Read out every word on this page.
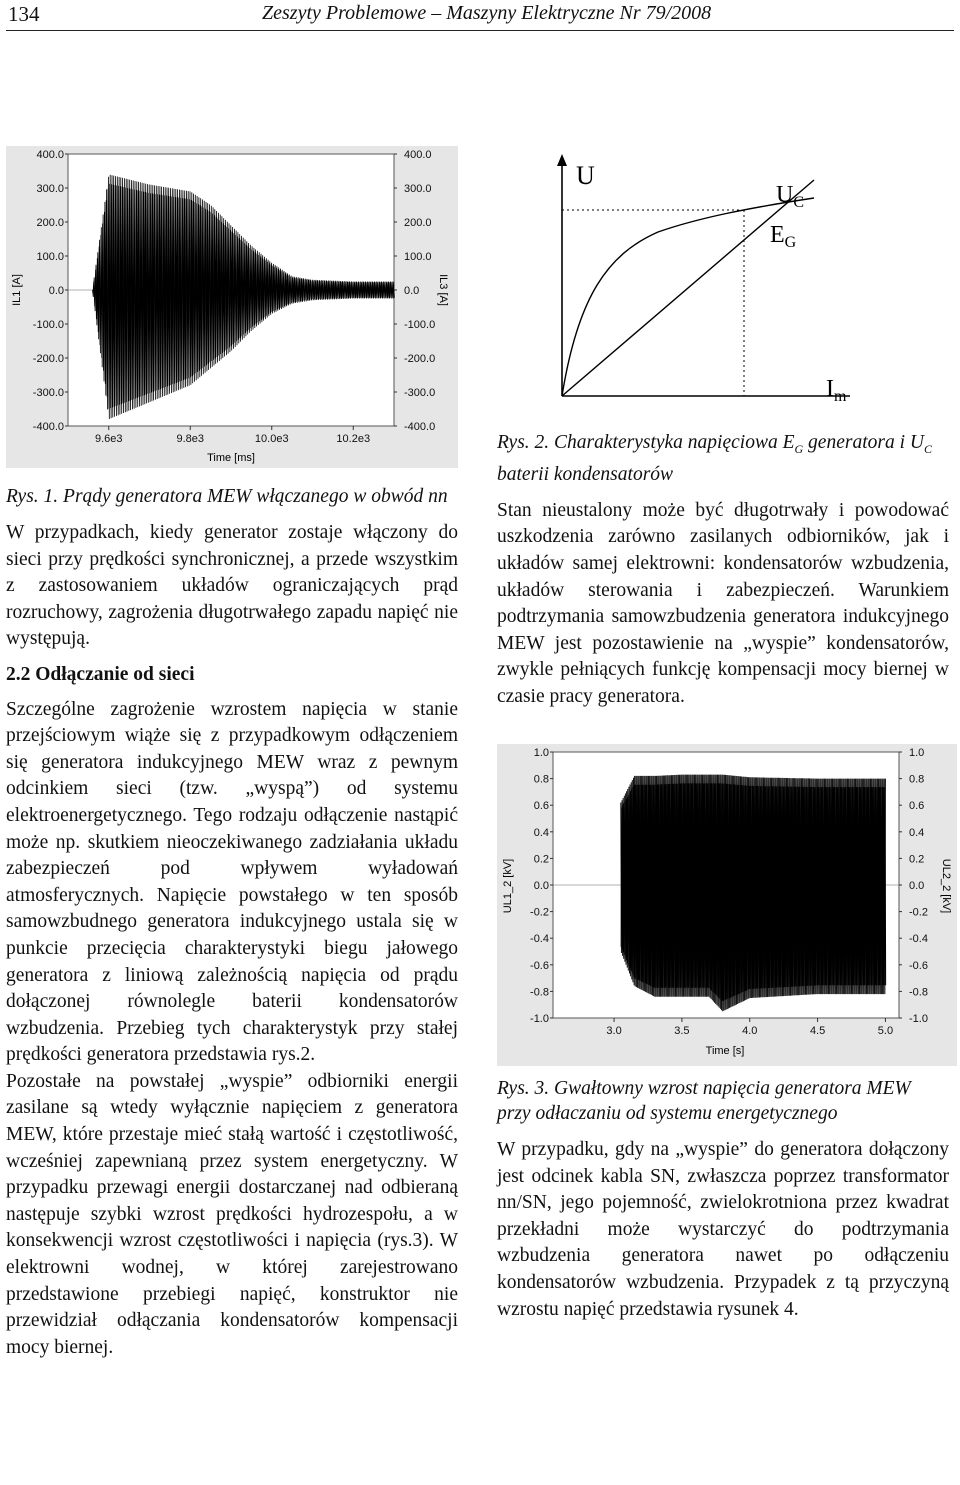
134	Zeszyty Problemowe – Maszyny Elektryczne Nr 79/2008
400.0	400.0
300.0	300.0
200.0	200.0
100.0	100.0
0.0	0.0
-100.0	-100.0
-200.0	-200.0
-300.0	-300.0
-400.0	-400.0
9.6e3	9.8e3	10.0e3	10.2e3
Time [ms]
IL1 [A]	IL3 [A]
U
$U_C$
$E_G$
$I_m$
1.0	1.0
0.8	0.8
0.6	0.6
0.4	0.4
0.2	0.2
0.0	0.0
-0.2	-0.2
-0.4	-0.4
-0.6	-0.6
-0.8	-0.8
-1.0	-1.0
3.0	3.5	4.0	4.5	5.0
Time [s]
UL1_2 [kV]	UL2_2 [kV]

Rys. 1. Prądy generatora MEW włączanego w obwód nn

W przypadkach, kiedy generator zostaje włączony do sieci przy prędkości synchronicznej, a przede wszystkim z zastosowaniem układów ograniczających prąd rozruchowy, zagrożenia długotrwałego zapadu napięć nie występują.

2.2 Odłączanie od sieci

Szczególne zagrożenie wzrostem napięcia w stanie przejściowym wiąże się z przypadkowym odłączeniem się generatora indukcyjnego MEW wraz z pewnym odcinkiem sieci (tzw. „wyspą”) od systemu elektroenergetycznego. Tego rodzaju odłączenie nastąpić może np. skutkiem nieoczekiwanego zadziałania układu zabezpieczeń pod wpływem wyładowań atmosferycznych. Napięcie powstałego w ten sposób samowzbudnego generatora indukcyjnego ustala się w punkcie przecięcia charakterystyki biegu jałowego generatora z liniową zależnością napięcia od prądu dołączonej równolegle baterii kondensatorów wzbudzenia. Przebieg tych charakterystyk przy stałej prędkości generatora przedstawia rys.2.

Pozostałe na powstałej „wyspie” odbiorniki energii zasilane są wtedy wyłącznie napięciem z generatora MEW, które przestaje mieć stałą wartość i częstotliwość, wcześniej zapewnianą przez system energetyczny. W przypadku przewagi energii dostarczanej nad odbieraną następuje szybki wzrost prędkości hydrozespołu, a w konsekwencji wzrost częstotliwości i napięcia (rys.3). W elektrowni wodnej, w której zarejestrowano przedstawione przebiegi napięć, konstruktor nie przewidział odłączania kondensatorów kompensacji mocy biernej.

Rys. 2. Charakterystyka napięciowa $E_G$ generatora i $U_C$ baterii kondensatorów

Stan nieustalony może być długotrwały i powodować uszkodzenia zarówno zasilanych odbiorników, jak i układów samej elektrowni: kondensatorów wzbudzenia, układów sterowania i zabezpieczeń. Warunkiem podtrzymania samowzbudzenia generatora indukcyjnego MEW jest pozostawienie na „wyspie” kondensatorów, zwykle pełniących funkcję kompensacji mocy biernej w czasie pracy generatora.

Rys. 3. Gwałtowny wzrost napięcia generatora MEW przy odłaczaniu od systemu energetycznego

W przypadku, gdy na „wyspie” do generatora dołączony jest odcinek kabla SN, zwłaszcza poprzez transformator nn/SN, jego pojemność, zwielokrotniona przez kwadrat przekładni może wystarczyć do podtrzymania wzbudzenia generatora nawet po odłączeniu kondensatorów wzbudzenia. Przypadek z tą przyczyną wzrostu napięć przedstawia rysunek 4.
